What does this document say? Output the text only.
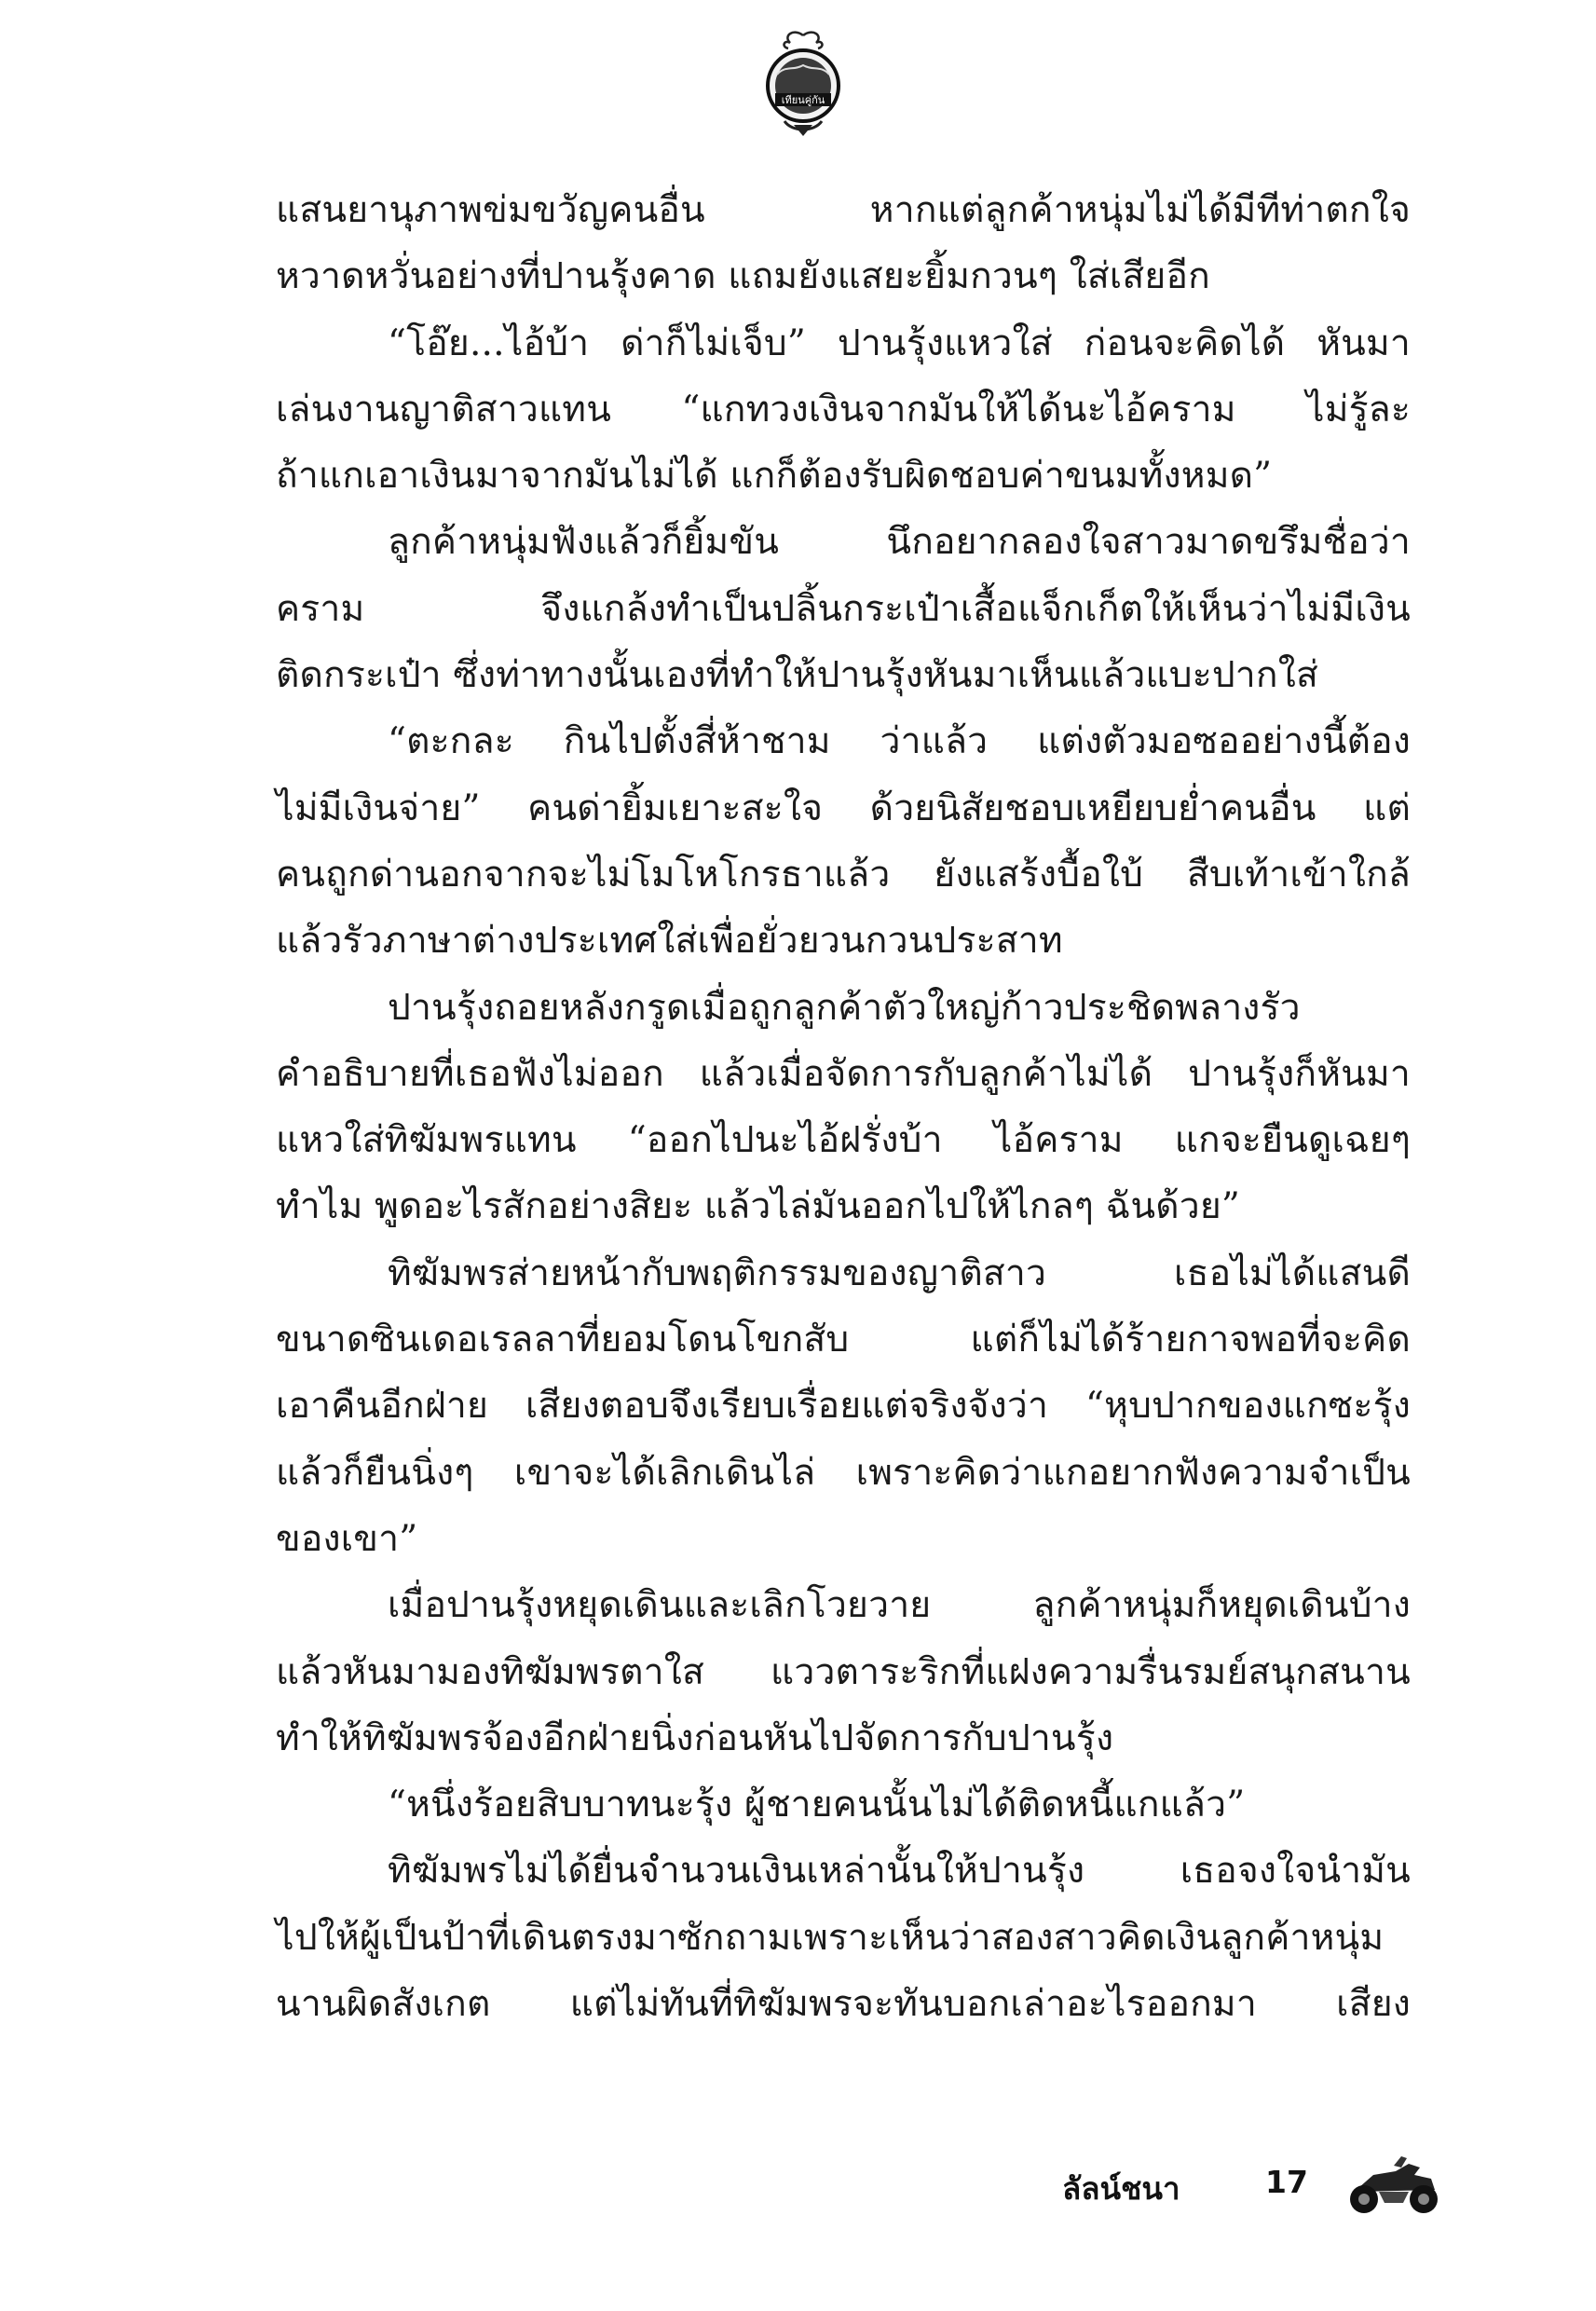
เทียนคู่กัน

แสนยานุภาพข่มขวัญคนอื่น หากแต่ลูกค้าหนุ่มไม่ได้มีทีท่าตกใจ

หวาดหวั่นอย่างที่ปานรุ้งคาด แถมยังแสยะยิ้มกวนๆ ใส่เสียอีก

“โอ๊ย...ไอ้บ้า ด่าก็ไม่เจ็บ” ปานรุ้งแหวใส่ ก่อนจะคิดได้ หันมา

เล่นงานญาติสาวแทน “แกทวงเงินจากมันให้ได้นะไอ้คราม ไม่รู้ละ

ถ้าแกเอาเงินมาจากมันไม่ได้ แกก็ต้องรับผิดชอบค่าขนมทั้งหมด”

ลูกค้าหนุ่มฟังแล้วก็ยิ้มขัน นึกอยากลองใจสาวมาดขรึมชื่อว่า

คราม จึงแกล้งทำเป็นปลิ้นกระเป๋าเสื้อแจ็กเก็ตให้เห็นว่าไม่มีเงิน

ติดกระเป๋า ซึ่งท่าทางนั้นเองที่ทำให้ปานรุ้งหันมาเห็นแล้วแบะปากใส่

“ตะกละ กินไปตั้งสี่ห้าชาม ว่าแล้ว แต่งตัวมอซออย่างนี้ต้อง

ไม่มีเงินจ่าย” คนด่ายิ้มเยาะสะใจ ด้วยนิสัยชอบเหยียบย่ำคนอื่น แต่

คนถูกด่านอกจากจะไม่โมโหโกรธาแล้ว ยังแสร้งบื้อใบ้ สืบเท้าเข้าใกล้

แล้วรัวภาษาต่างประเทศใส่เพื่อยั่วยวนกวนประสาท

ปานรุ้งถอยหลังกรูดเมื่อถูกลูกค้าตัวใหญ่ก้าวประชิดพลางรัว

คำอธิบายที่เธอฟังไม่ออก แล้วเมื่อจัดการกับลูกค้าไม่ได้ ปานรุ้งก็หันมา

แหวใส่ทิฆัมพรแทน “ออกไปนะไอ้ฝรั่งบ้า ไอ้คราม แกจะยืนดูเฉยๆ

ทำไม พูดอะไรสักอย่างสิยะ แล้วไล่มันออกไปให้ไกลๆ ฉันด้วย”

ทิฆัมพรส่ายหน้ากับพฤติกรรมของญาติสาว เธอไม่ได้แสนดี

ขนาดซินเดอเรลลาที่ยอมโดนโขกสับ แต่ก็ไม่ได้ร้ายกาจพอที่จะคิด

เอาคืนอีกฝ่าย เสียงตอบจึงเรียบเรื่อยแต่จริงจังว่า “หุบปากของแกซะรุ้ง

แล้วก็ยืนนิ่งๆ เขาจะได้เลิกเดินไล่ เพราะคิดว่าแกอยากฟังความจำเป็น

ของเขา”

เมื่อปานรุ้งหยุดเดินและเลิกโวยวาย ลูกค้าหนุ่มก็หยุดเดินบ้าง

แล้วหันมามองทิฆัมพรตาใส แววตาระริกที่แฝงความรื่นรมย์สนุกสนาน

ทำให้ทิฆัมพรจ้องอีกฝ่ายนิ่งก่อนหันไปจัดการกับปานรุ้ง

“หนึ่งร้อยสิบบาทนะรุ้ง ผู้ชายคนนั้นไม่ได้ติดหนี้แกแล้ว”

ทิฆัมพรไม่ได้ยื่นจำนวนเงินเหล่านั้นให้ปานรุ้ง เธอจงใจนำมัน

ไปให้ผู้เป็นป้าที่เดินตรงมาซักถามเพราะเห็นว่าสองสาวคิดเงินลูกค้าหนุ่ม

นานผิดสังเกต แต่ไม่ทันที่ทิฆัมพรจะทันบอกเล่าอะไรออกมา เสียง

ลัลน์ชนา	17
